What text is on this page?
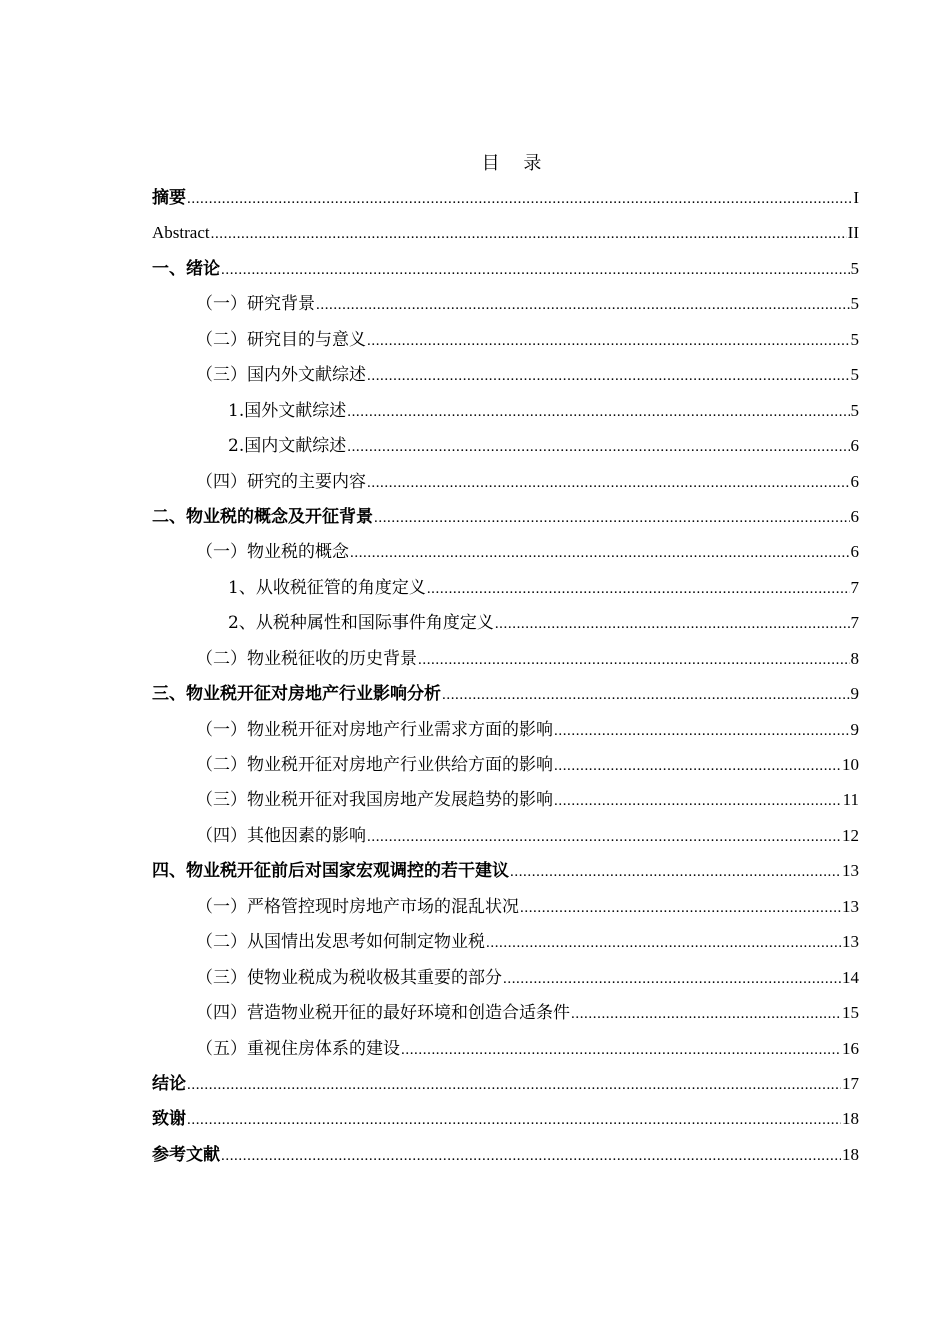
目 录
摘要 .....	I
Abstract .....	II
一、绪论 .....	5
（一）研究背景 .....	5
（二）研究目的与意义 .....	5
（三）国内外文献综述 .....	5
1.国外文献综述 .....	5
2.国内文献综述 .....	6
（四）研究的主要内容 .....	6
二、物业税的概念及开征背景 .....	6
（一）物业税的概念 .....	6
1、从收税征管的角度定义 .....	7
2、从税种属性和国际事件角度定义 .....	7
（二）物业税征收的历史背景 .....	8
三、物业税开征对房地产行业影响分析 .....	9
（一）物业税开征对房地产行业需求方面的影响 .....	9
（二）物业税开征对房地产行业供给方面的影响 .....	10
（三）物业税开征对我国房地产发展趋势的影响 .....	11
（四）其他因素的影响 .....	12
四、物业税开征前后对国家宏观调控的若干建议 .....	13
（一）严格管控现时房地产市场的混乱状况 .....	13
（二）从国情出发思考如何制定物业税 .....	13
（三）使物业税成为税收极其重要的部分 .....	14
（四）营造物业税开征的最好环境和创造合适条件 .....	15
（五）重视住房体系的建设 .....	16
结论 .....	17
致谢 .....	18
参考文献 .....	18
